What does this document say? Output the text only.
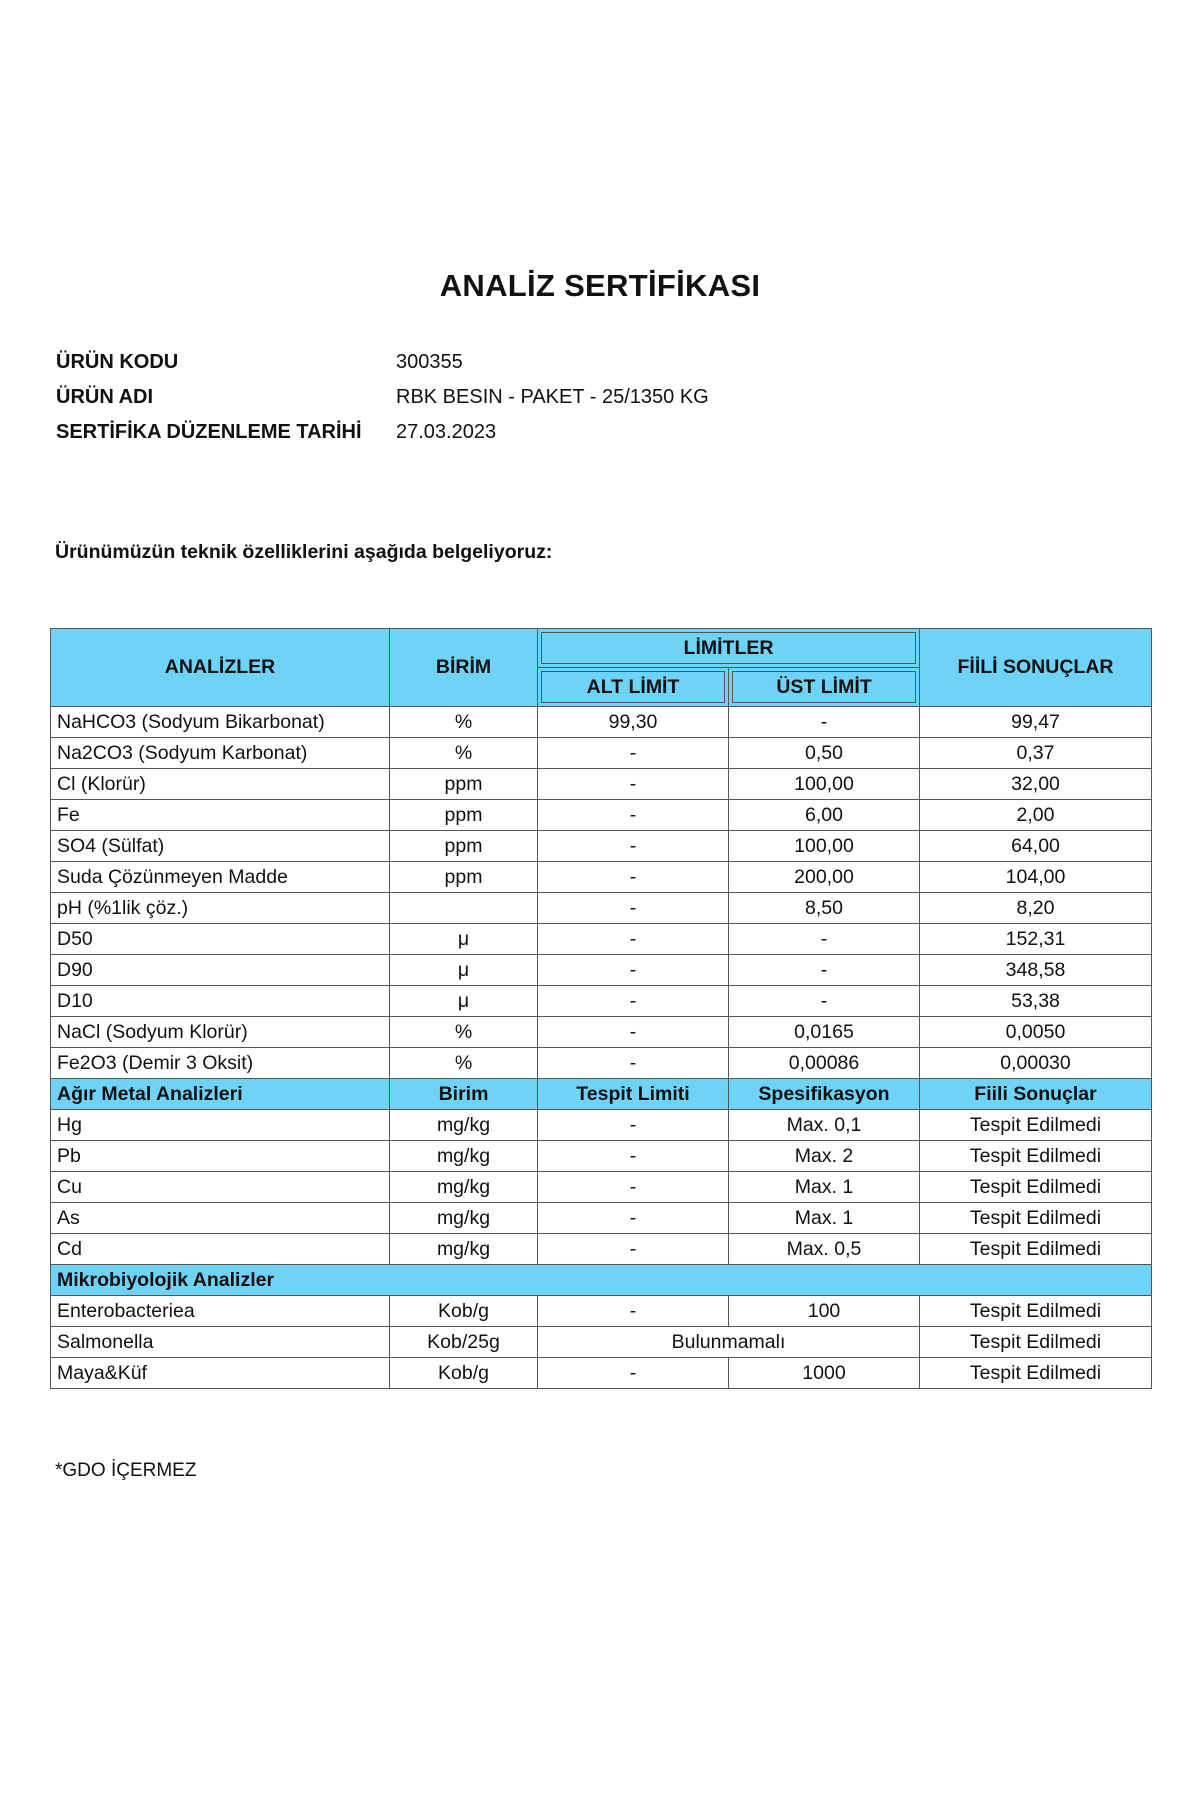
ANALİZ SERTİFİKASI
ÜRÜN KODU	300355
ÜRÜN ADI	RBK BESIN - PAKET - 25/1350 KG
SERTİFİKA DÜZENLEME TARİHİ 27.03.2023
Ürünümüzün teknik özelliklerini aşağıda belgeliyoruz:
ANALİZLER	BİRİM	LİMİTLER		FİİLİ SONUÇLAR

		ALT LİMİT	ÜST LİMİT	

NaHCO3 (Sodyum Bikarbonat)	%	99,30	-	99,47
Na2CO3 (Sodyum Karbonat)	%	-	0,50	0,37
Cl (Klorür)	ppm	-	100,00	32,00
Fe	ppm	-	6,00	2,00
SO4 (Sülfat)	ppm	-	100,00	64,00
Suda Çözünmeyen Madde	ppm	-	200,00	104,00
pH (%1lik çöz.)		-	8,50	8,20
D50	μ	-	-	152,31
D90	μ	-	-	348,58
D10	μ	-	-	53,38
NaCl (Sodyum Klorür)	%	-	0,0165	0,0050
Fe2O3 (Demir 3 Oksit)	%	-	0,00086	0,00030
Ağır Metal Analizleri	Birim	Tespit Limiti	Spesifikasyon	Fiili Sonuçlar
Hg	mg/kg	-	Max. 0,1	Tespit Edilmedi
Pb	mg/kg	-	Max. 2	Tespit Edilmedi
Cu	mg/kg	-	Max. 1	Tespit Edilmedi
As	mg/kg	-	Max. 1	Tespit Edilmedi
Cd	mg/kg	-	Max. 0,5	Tespit Edilmedi
Mikrobiyolojik Analizler				
Enterobacteriea	Kob/g	-	100	Tespit Edilmedi
Salmonella	Kob/25g	Bulunmamalı		Tespit Edilmedi
Maya&Küf	Kob/g	-	1000	Tespit Edilmedi
*GDO İÇERMEZ
